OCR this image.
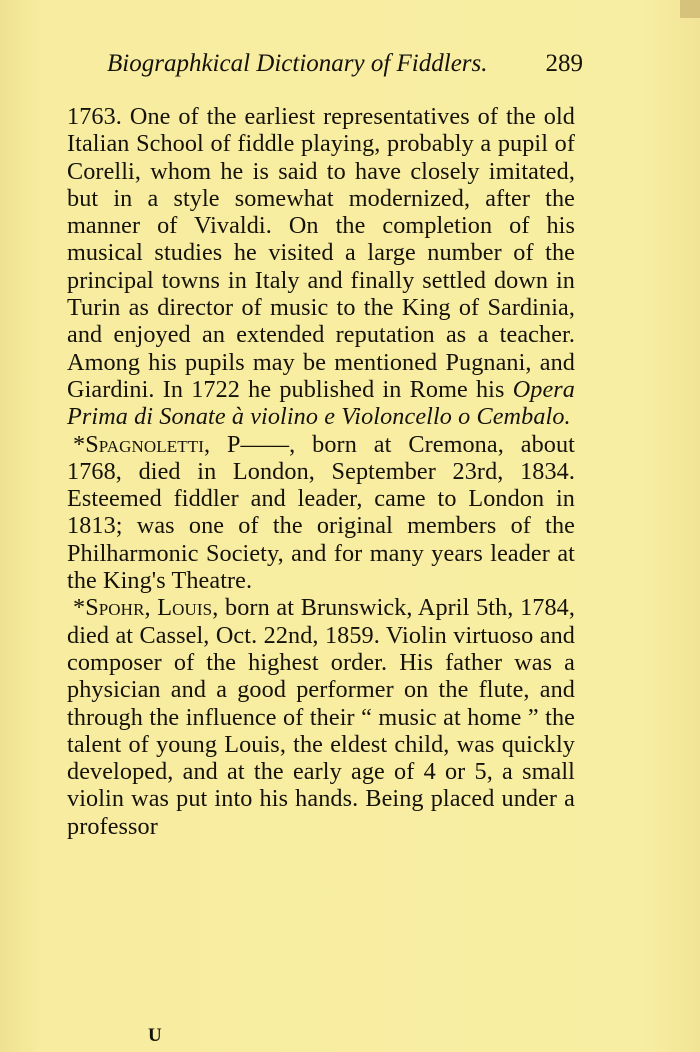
Biographkical Dictionary of Fiddlers. 289

1763. One of the earliest representatives of the old Italian School of fiddle playing, probably a pupil of Corelli, whom he is said to have closely imitated, but in a style somewhat modernized, after the manner of Vivaldi. On the completion of his musical studies he visited a large number of the principal towns in Italy and finally settled down in Turin as director of music to the King of Sardinia, and enjoyed an extended reputation as a teacher. Among his pupils may be mentioned Pugnani, and Giardini. In 1722 he published in Rome his Opera Prima di Sonate à violino e Violoncello o Cembalo.

*Spagnoletti, P——, born at Cremona, about 1768, died in London, September 23rd, 1834. Esteemed fiddler and leader, came to London in 1813; was one of the original members of the Philharmonic Society, and for many years leader at the King's Theatre.

*Spohr, Louis, born at Brunswick, April 5th, 1784, died at Cassel, Oct. 22nd, 1859. Violin virtuoso and composer of the highest order. His father was a physician and a good performer on the flute, and through the influence of their “ music at home ” the talent of young Louis, the eldest child, was quickly developed, and at the early age of 4 or 5, a small violin was put into his hands. Being placed under a professor

U
